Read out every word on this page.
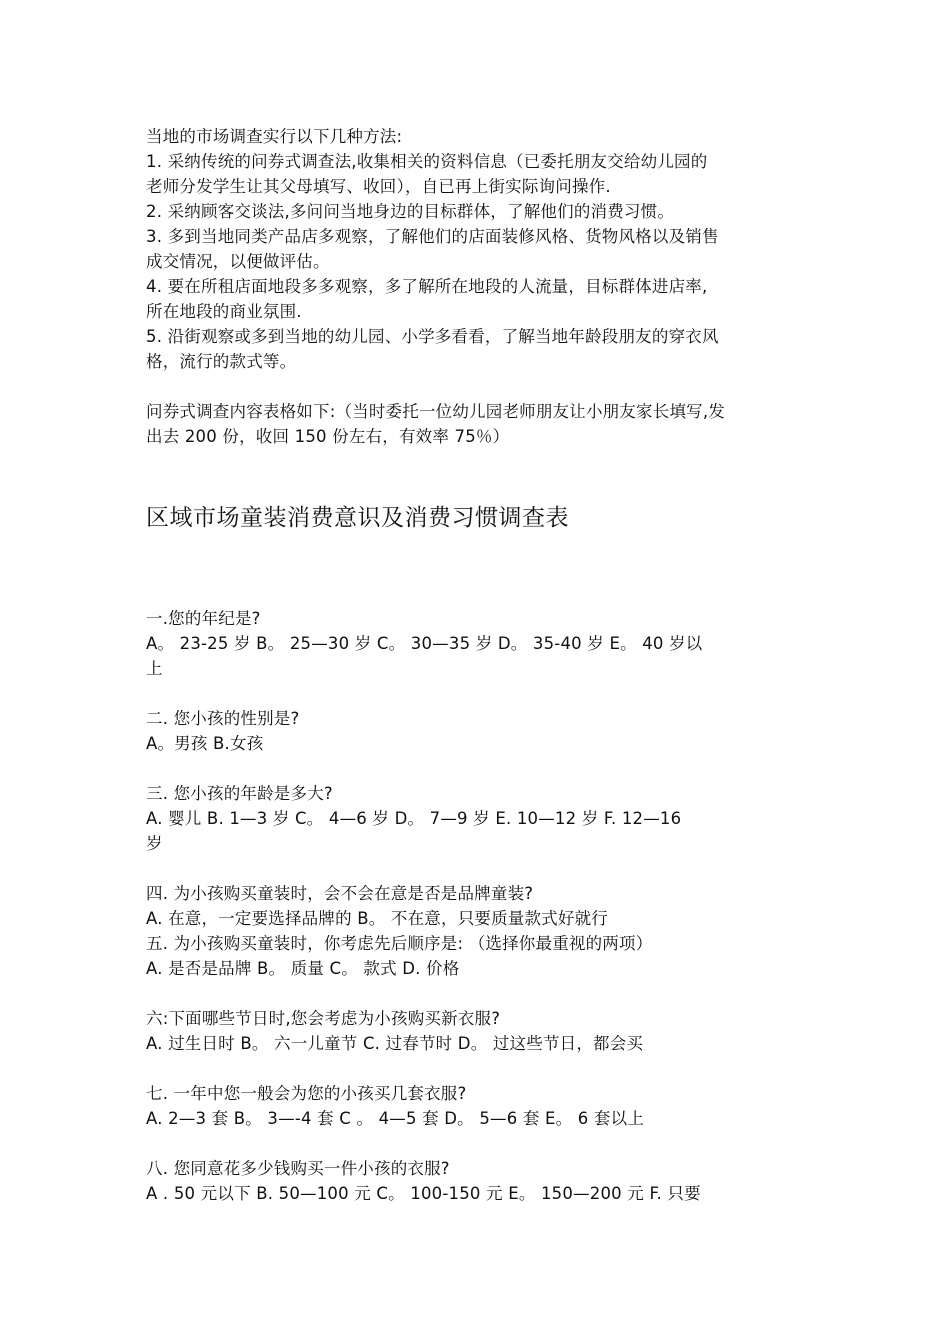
当地的市场调查实行以下几种方法:
1. 采纳传统的问券式调查法,收集相关的资料信息（已委托朋友交给幼儿园的
老师分发学生让其父母填写、收回），自已再上街实际询问操作.
2. 采纳顾客交谈法,多问问当地身边的目标群体，了解他们的消费习惯。
3. 多到当地同类产品店多观察，了解他们的店面装修风格、货物风格以及销售
成交情况，以便做评估。
4. 要在所租店面地段多多观察，多了解所在地段的人流量，目标群体进店率,
所在地段的商业氛围.
5. 沿街观察或多到当地的幼儿园、小学多看看，了解当地年龄段朋友的穿衣风
格，流行的款式等。
问券式调查内容表格如下:（当时委托一位幼儿园老师朋友让小朋友家长填写,发
出去 200 份，收回 150 份左右，有效率 75％）
区域市场童装消费意识及消费习惯调查表
一.您的年纪是?
A。 23-25 岁 B。 25—30 岁 C。 30—35 岁 D。 35-40 岁 E。 40 岁以
上
二. 您小孩的性别是?
A。男孩 B.女孩
三. 您小孩的年龄是多大?
A. 婴儿 B. 1—3 岁 C。 4—6 岁 D。 7—9 岁 E. 10—12 岁 F. 12—16
岁
四. 为小孩购买童装时，会不会在意是否是品牌童装?
A. 在意，一定要选择品牌的 B。 不在意，只要质量款式好就行
五. 为小孩购买童装时，你考虑先后顺序是: （选择你最重视的两项）
A. 是否是品牌 B。 质量 C。 款式 D. 价格
六:下面哪些节日时,您会考虑为小孩购买新衣服?
A. 过生日时 B。 六一儿童节 C. 过春节时 D。 过这些节日，都会买
七. 一年中您一般会为您的小孩买几套衣服?
A. 2—3 套 B。 3—-4 套 C 。 4—5 套 D。 5—6 套 E。 6 套以上
八. 您同意花多少钱购买一件小孩的衣服?
A . 50 元以下 B. 50—100 元 C。 100-150 元 E。 150—200 元 F. 只要
